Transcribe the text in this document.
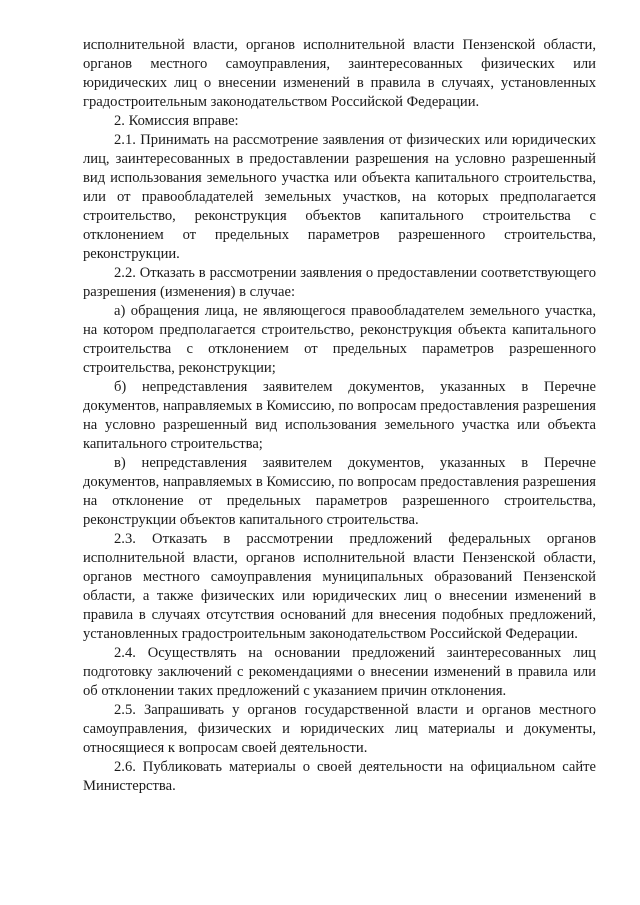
исполнительной власти, органов исполнительной власти Пензенской области, органов местного самоуправления, заинтересованных физических или юридических лиц о внесении изменений в правила в случаях, установленных градостроительным законодательством Российской Федерации.

2. Комиссия вправе:

2.1. Принимать на рассмотрение заявления от физических или юридических лиц, заинтересованных в предоставлении разрешения на условно разрешенный вид использования земельного участка или объекта капитального строительства, или от правообладателей земельных участков, на которых предполагается строительство, реконструкция объектов капитального строительства с отклонением от предельных параметров разрешенного строительства, реконструкции.

2.2. Отказать в рассмотрении заявления о предоставлении соответствующего разрешения (изменения) в случае:

а) обращения лица, не являющегося правообладателем земельного участка, на котором предполагается строительство, реконструкция объекта капитального строительства с отклонением от предельных параметров разрешенного строительства, реконструкции;

б) непредставления заявителем документов, указанных в Перечне документов, направляемых в Комиссию, по вопросам предоставления разрешения на условно разрешенный вид использования земельного участка или объекта капитального строительства;

в) непредставления заявителем документов, указанных в Перечне документов, направляемых в Комиссию, по вопросам предоставления разрешения на отклонение от предельных параметров разрешенного строительства, реконструкции объектов капитального строительства.

2.3. Отказать в рассмотрении предложений федеральных органов исполнительной власти, органов исполнительной власти Пензенской области, органов местного самоуправления муниципальных образований Пензенской области, а также физических или юридических лиц о внесении изменений в правила в случаях отсутствия оснований для внесения подобных предложений, установленных градостроительным законодательством Российской Федерации.

2.4. Осуществлять на основании предложений заинтересованных лиц подготовку заключений с рекомендациями о внесении изменений в правила или об отклонении таких предложений с указанием причин отклонения.

2.5. Запрашивать у органов государственной власти и органов местного самоуправления, физических и юридических лиц материалы и документы, относящиеся к вопросам своей деятельности.

2.6. Публиковать материалы о своей деятельности на официальном сайте Министерства.
